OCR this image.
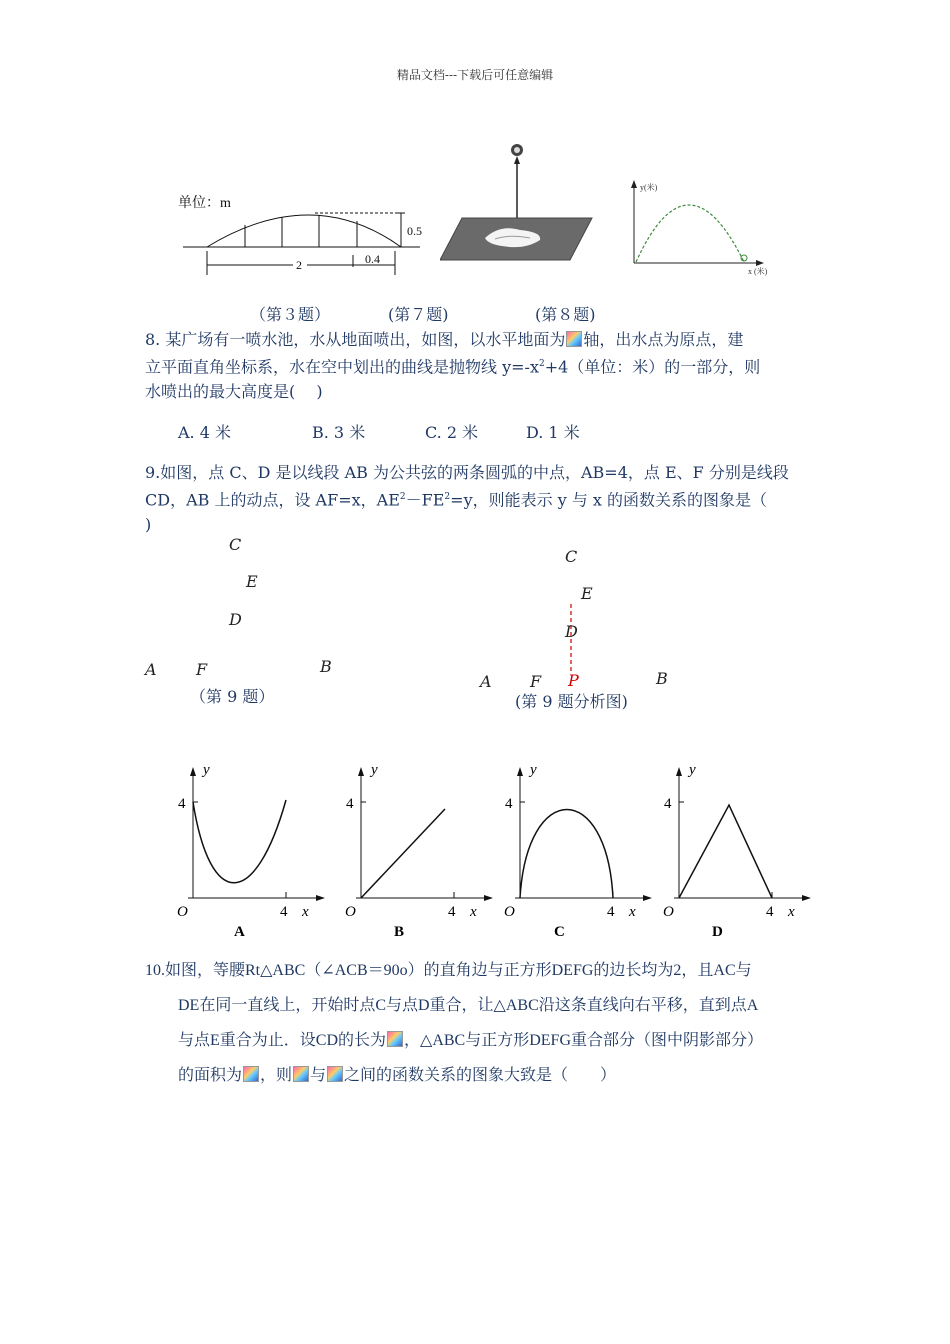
精品文档---下载后可任意编辑
单位：m
0.5
2	0.4
y(米)
x (米)
（第３题）	(第７题)	(第８题)
8. 某广场有一喷水池，水从地面喷出，如图，以水平地面为 轴，出水点为原点，建
立平面直角坐标系，水在空中划出的曲线是抛物线 $y=-x^2+4$（单位：米）的一部分，则
水喷出的最大高度是(　 )
A. 4 米	B. 3 米	C. 2 米	D. 1 米
9.如图，点 C、D 是以线段 AB 为公共弦的两条圆弧的中点，AB=4，点 E、F 分别是线段
CD，AB 上的动点，设 AF=x，$AE^2-FE^2=y$，则能表示 y 与 x 的函数关系的图象是（
)
C
E
D
A F	B
（第 9 题）
C
E
D
A F P	B
(第 9 题分析图)
y
4
O	4 x
A
y
4
O	4 x
B
y
4
O	4 x
C
y
4
O	4 x
D
10.如图，等腰Rt△ABC（∠ACB＝90o）的直角边与正方形DEFG的边长均为2，且AC与
DE在同一直线上，开始时点C与点D重合，让△ABC沿这条直线向右平移，直到点A
与点E重合为止．设CD的长为 ，△ABC与正方形DEFG重合部分（图中阴影部分）
的面积为 ，则 与 之间的函数关系的图象大致是（　　）
